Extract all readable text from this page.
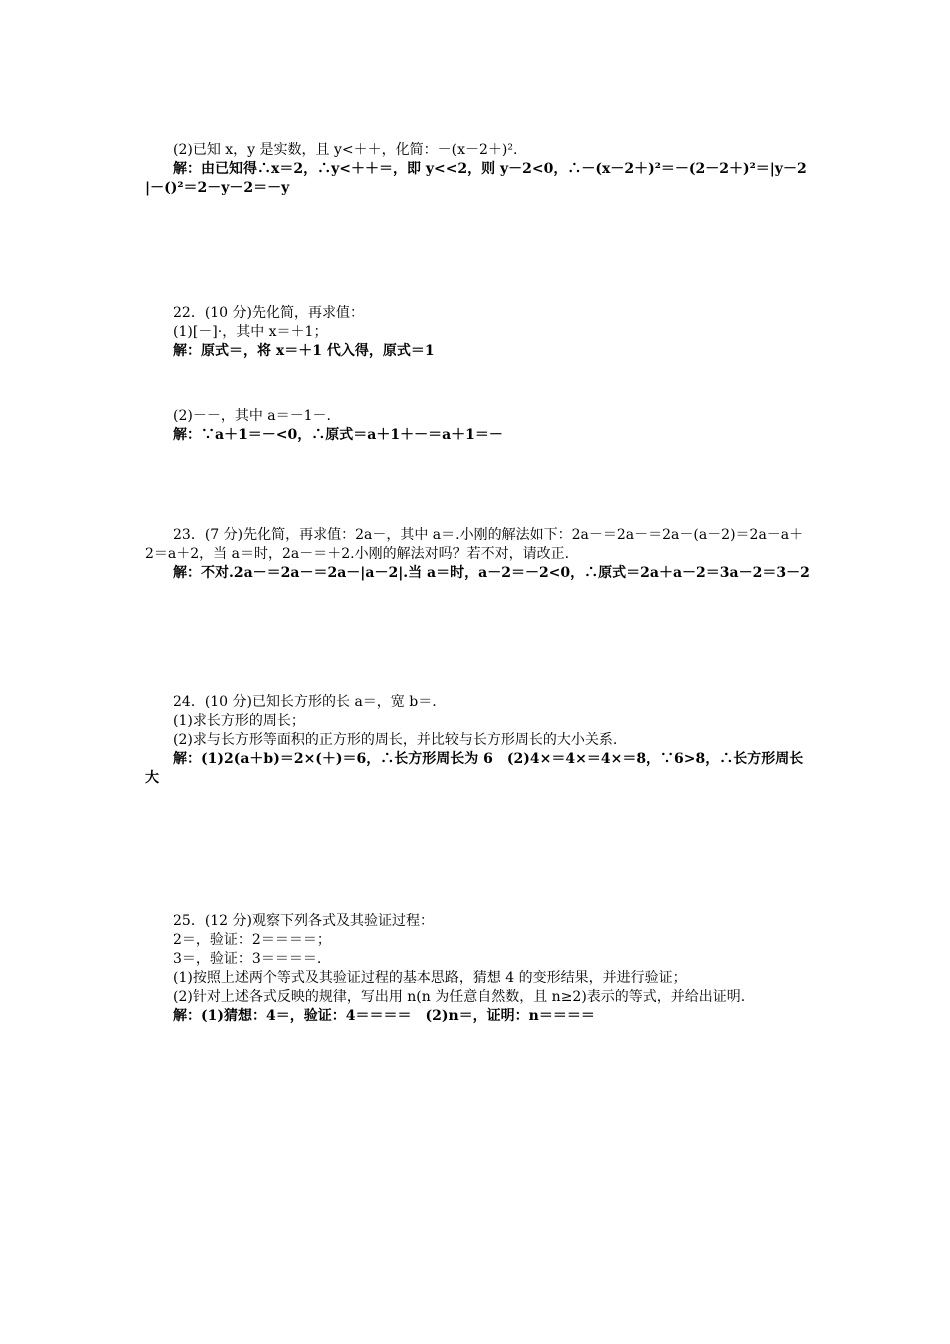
(2)已知 x，y 是实数，且 y<＋＋，化简：－(x－2＋)².
解：由已知得∴x＝2，∴y<＋＋＝，即 y<<2，则 y－2<0，∴－(x－2＋)²＝－(2－2＋)²＝|y－2|－()²＝2－y－2＝－y
22．(10 分)先化简，再求值：
(1)[－]·，其中 x＝＋1；
解：原式＝，将 x＝＋1 代入得，原式＝1
(2)－－，其中 a＝－1－.
解：∵a＋1＝－<0，∴原式＝a＋1＋－＝a＋1＝－
23．(7 分)先化简，再求值：2a－，其中 a＝.小刚的解法如下：2a－＝2a－＝2a－(a－2)＝2a－a＋2＝a＋2，当 a＝时，2a－＝＋2.小刚的解法对吗？若不对，请改正.
解：不对.2a－＝2a－＝2a－|a－2|.当 a＝时，a－2＝－2<0，∴原式＝2a＋a－2＝3a－2＝3－2
24．(10 分)已知长方形的长 a＝，宽 b＝.
(1)求长方形的周长；
(2)求与长方形等面积的正方形的周长，并比较与长方形周长的大小关系.
解：(1)2(a＋b)＝2×(＋)＝6，∴长方形周长为 6　(2)4×＝4×＝4×＝8，∵6>8，∴长方形周长大
25．(12 分)观察下列各式及其验证过程：
2＝，验证：2＝＝＝＝；
3＝，验证：3＝＝＝＝.
(1)按照上述两个等式及其验证过程的基本思路，猜想 4 的变形结果，并进行验证；
(2)针对上述各式反映的规律，写出用 n(n 为任意自然数，且 n≥2)表示的等式，并给出证明.
解：(1)猜想：4＝，验证：4＝＝＝＝　(2)n＝，证明：n＝＝＝＝
